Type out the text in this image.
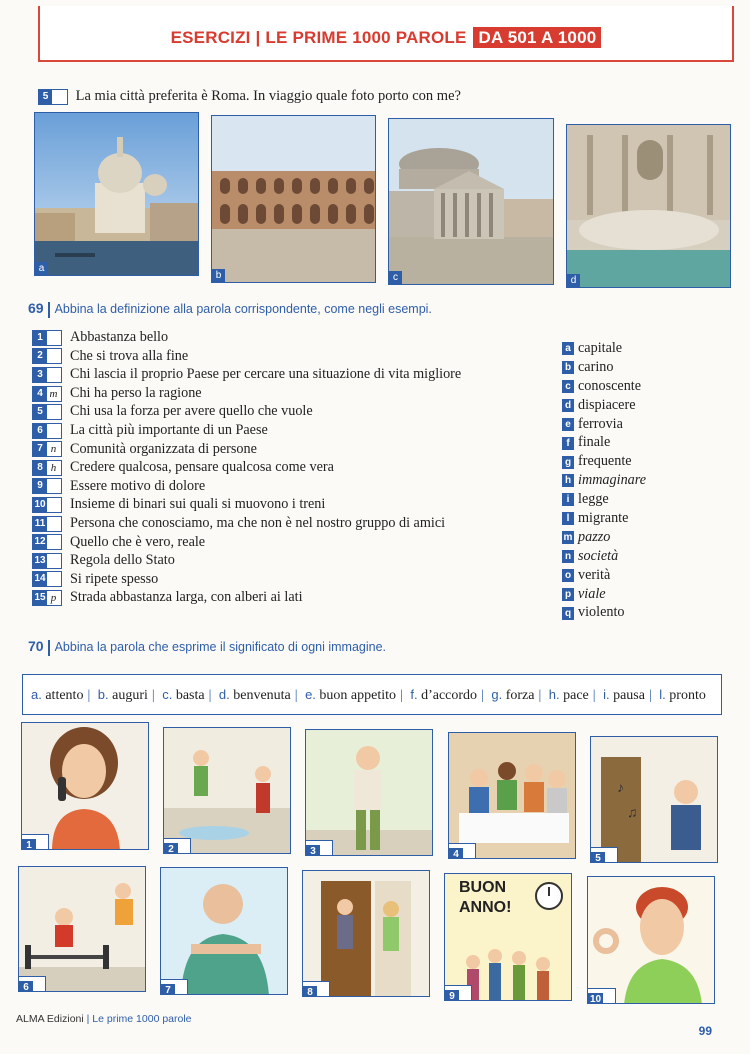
ESERCIZI | LE PRIME 1000 PAROLE DA 501 A 1000
5 La mia città preferita è Roma. In viaggio quale foto porto con me?
a
b	c	d
69 Abbina la definizione alla parola corrispondente, come negli esempi.
1 Abbastanza bello
2 Che si trova alla fine
3 Chi lascia il proprio Paese per cercare una situazione di vita migliore
4 m Chi ha perso la ragione
5 Chi usa la forza per avere quello che vuole
6 La città più importante di un Paese
7 n Comunità organizzata di persone
8 h Credere qualcosa, pensare qualcosa come vera
9 Essere motivo di dolore
10 Insieme di binari sui quali si muovono i treni
11 Persona che conosciamo, ma che non è nel nostro gruppo di amici
12 Quello che è vero, reale
13 Regola dello Stato
14 Si ripete spesso
15 p Strada abbastanza larga, con alberi ai lati
a capitale
b carino
c conoscente
d dispiacere
e ferrovia
f finale
g frequente
h immaginare
i legge
l migrante
m pazzo
n società
o verità
p viale
q violento
70 Abbina la parola che esprime il significato di ogni immagine.
a. attento | b. auguri | c. basta | d. benvenuta | e. buon appetito | f. d’accordo | g. forza | h. pace | i. pausa | l. pronto
1	2	3	4
♪
♫
5
6	7	8
BUON
ANNO!
9	10
ALMA Edizioni | Le prime 1000 parole
99
